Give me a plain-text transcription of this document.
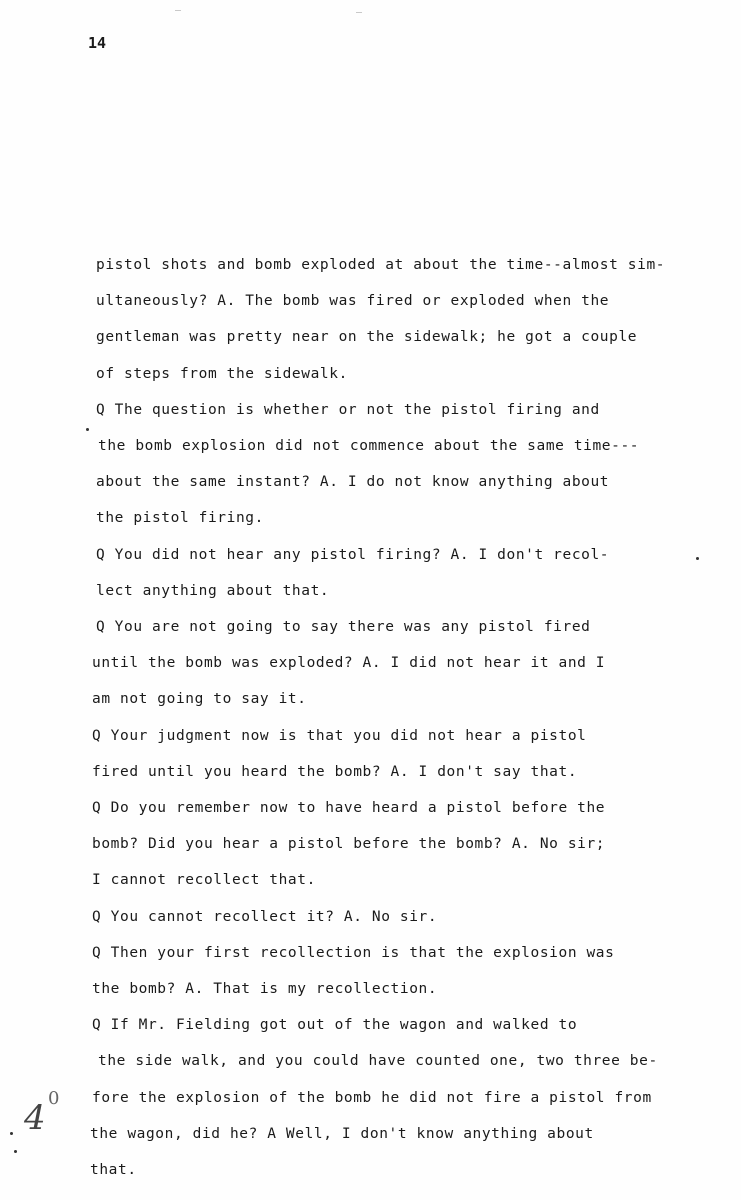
‾	‾
14
pistol shots and bomb exploded at about the time--almost sim-
ultaneously? A. The bomb was fired or exploded when the
gentleman was pretty near on the sidewalk; he got a couple
of steps from the sidewalk.
Q The question is whether or not the pistol firing and
the bomb explosion did not commence about the same time---
about the same instant? A. I do not know anything about
the pistol firing.
Q You did not hear any pistol firing? A. I don't recol-
lect anything about that.
Q You are not going to say there was any pistol fired
until the bomb was exploded? A. I did not hear it and I
am not going to say it.
Q Your judgment now is that you did not hear a pistol
fired until you heard the bomb? A. I don't say that.
Q Do you remember now to have heard a pistol before the
bomb? Did you hear a pistol before the bomb? A. No sir;
I cannot recollect that.
Q You cannot recollect it? A. No sir.
Q Then your first recollection is that the explosion was
the bomb? A. That is my recollection.
Q If Mr. Fielding got out of the wagon and walked to
the side walk, and you could have counted one, two three be-
fore the explosion of the bomb he did not fire a pistol from
the wagon, did he? A Well, I don't know anything about
that.
4 0
